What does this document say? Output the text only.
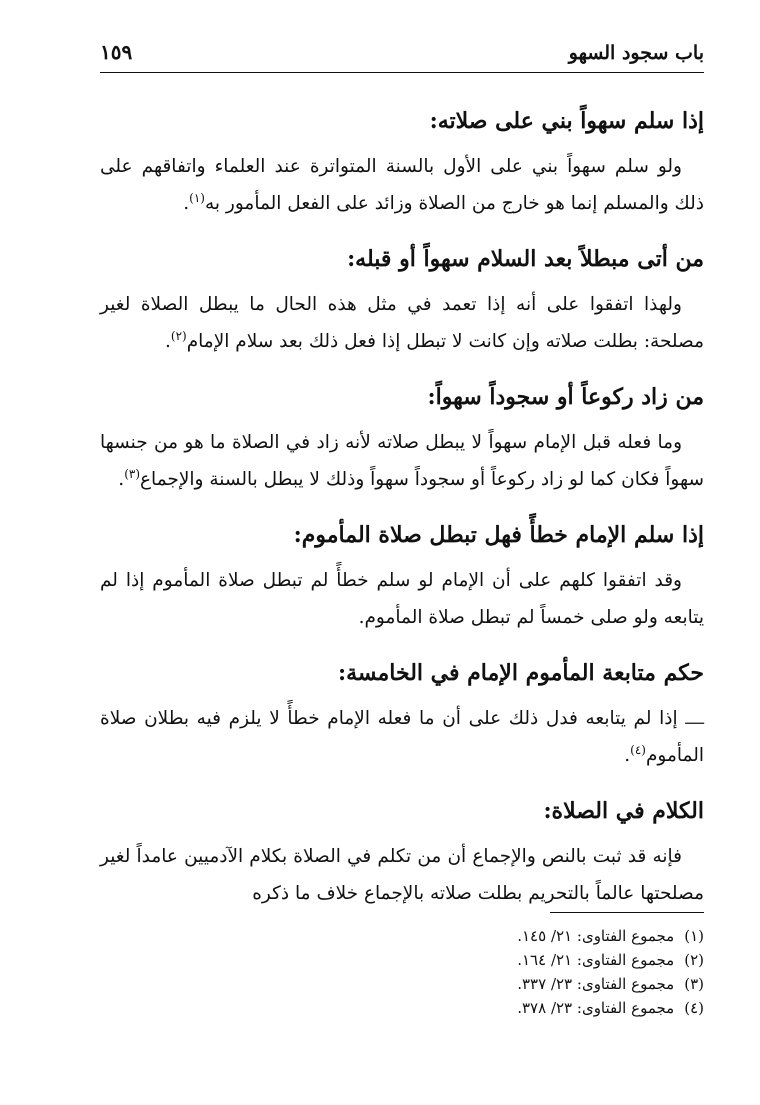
باب سجود السهو
١٥٩
إذا سلم سهواً بني على صلاته:

ولو سلم سهواً بني على الأول بالسنة المتواترة عند العلماء واتفاقهم على ذلك والمسلم إنما هو خارج من الصلاة وزائد على الفعل المأمور به$^{(١)}$.

من أتى مبطلاً بعد السلام سهواً أو قبله:

ولهذا اتفقوا على أنه إذا تعمد في مثل هذه الحال ما يبطل الصلاة لغير مصلحة: بطلت صلاته وإن كانت لا تبطل إذا فعل ذلك بعد سلام الإمام$^{(٢)}$.

من زاد ركوعاً أو سجوداً سهواً:

وما فعله قبل الإمام سهواً لا يبطل صلاته لأنه زاد في الصلاة ما هو من جنسها سهواً فكان كما لو زاد ركوعاً أو سجوداً سهواً وذلك لا يبطل بالسنة والإجماع$^{(٣)}$.

إذا سلم الإمام خطأً فهل تبطل صلاة المأموم:

وقد اتفقوا كلهم على أن الإمام لو سلم خطأً لم تبطل صلاة المأموم إذا لم يتابعه ولو صلى خمساً لم تبطل صلاة المأموم.

حكم متابعة المأموم الإمام في الخامسة:

ــــ إذا لم يتابعه فدل ذلك على أن ما فعله الإمام خطأً لا يلزم فيه بطلان صلاة المأموم$^{(٤)}$.

الكلام في الصلاة:

فإنه قد ثبت بالنص والإجماع أن من تكلم في الصلاة بكلام الآدميين عامداً لغير مصلحتها عالماً بالتحريم بطلت صلاته بالإجماع خلاف ما ذكره

(١)مجموع الفتاوى: ٢١/ ١٤٥.
(٢)مجموع الفتاوى: ٢١/ ١٦٤.
(٣)مجموع الفتاوى: ٢٣/ ٣٣٧.
(٤)مجموع الفتاوى: ٢٣/ ٣٧٨.
